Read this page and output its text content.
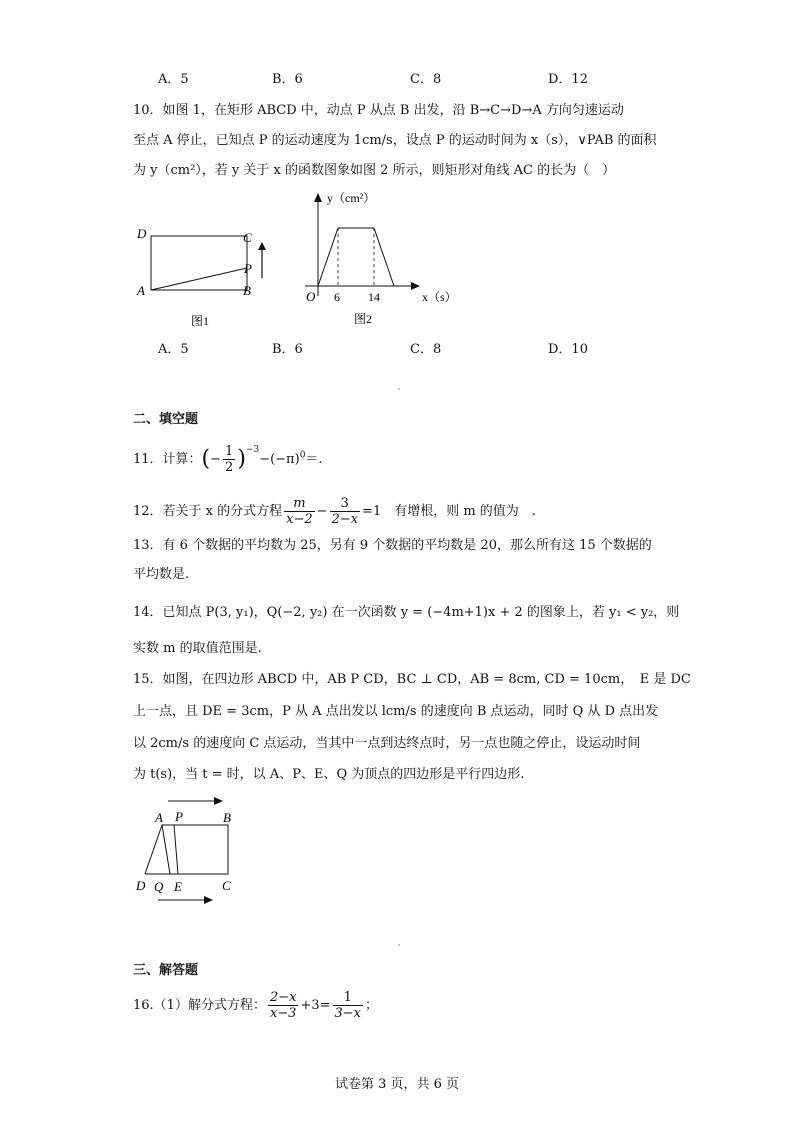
A．5	B．6	C．8	D．12
10．如图 1，在矩形 ABCD 中，动点 P 从点 B 出发，沿 B→C→D→A 方向匀速运动
至点 A 停止，已知点 P 的运动速度为 1cm/s，设点 P 的运动时间为 x（s），∨PAB 的面积
为 y（cm²），若 y 关于 x 的函数图象如图 2 所示，则矩形对角线 AC 的长为（　）
D	C
P
A	B
图1
y（cm²）
x（s）
O 6 14
图2
A．5	B．6	C．8	D．10
二、填空题
11．计算：(− $\frac{1}{2} )^{-3}-(-\pi)^0=$.
12．若关于 x 的分式方程 $\frac{m}{x-2} - \frac{3}{2-x} =1$　有增根，则 m 的值为　.
13．有 6 个数据的平均数为 25，另有 9 个数据的平均数是 20，那么所有这 15 个数据的
平均数是.
14．已知点 P(3, y₁)，Q(−2, y₂) 在一次函数 y = (−4m+1)x + 2 的图象上，若 y₁ < y₂，则
实数 m 的取值范围是.
15．如图，在四边形 ABCD 中，AB P CD，BC ⊥ CD，AB = 8cm, CD = 10cm，　E 是 DC
上一点，且 DE = 3cm，P 从 A 点出发以 lcm/s 的速度向 B 点运动，同时 Q 从 D 点出发
以 2cm/s 的速度向 C 点运动，当其中一点到达终点时，另一点也随之停止，设运动时间
为 t(s)，当 t = 时，以 A、P、E、Q 为顶点的四边形是平行四边形.
A P	B
D Q E	C
三、解答题
16.（1）解分式方程： $\frac{2-x}{x-3} +3= \frac{1}{3-x}$ ；
试卷第 3 页，共 6 页
